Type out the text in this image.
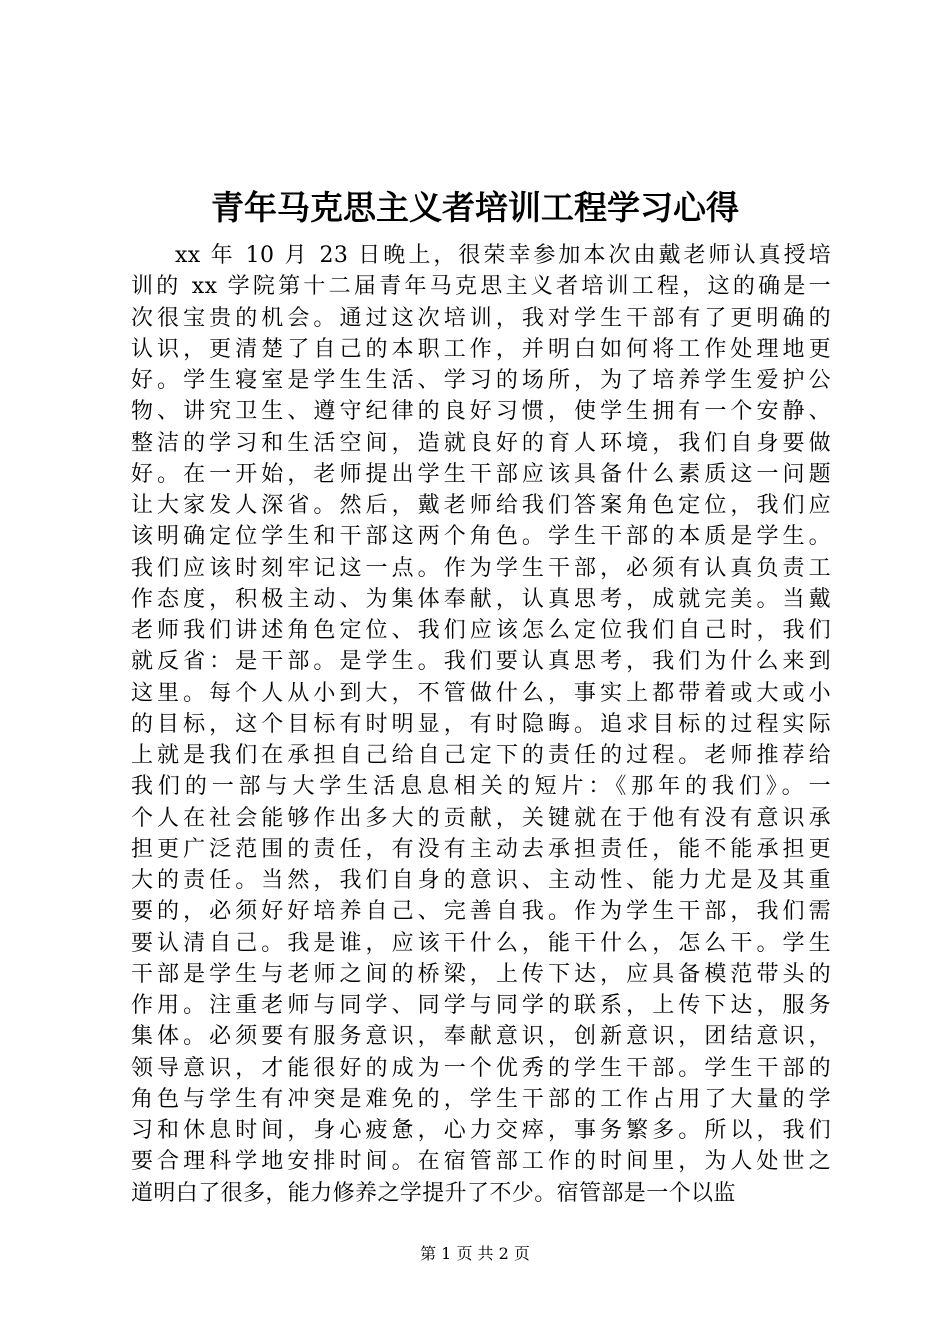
青年马克思主义者培训工程学习心得
xx 年 10 月 23 日晚上，很荣幸参加本次由戴老师认真授培
训的 xx 学院第十二届青年马克思主义者培训工程，这的确是一
次很宝贵的机会。通过这次培训，我对学生干部有了更明确的
认识，更清楚了自己的本职工作，并明白如何将工作处理地更
好。学生寝室是学生生活、学习的场所，为了培养学生爱护公
物、讲究卫生、遵守纪律的良好习惯，使学生拥有一个安静、
整洁的学习和生活空间，造就良好的育人环境，我们自身要做
好。在一开始，老师提出学生干部应该具备什么素质这一问题
让大家发人深省。然后，戴老师给我们答案角色定位，我们应
该明确定位学生和干部这两个角色。学生干部的本质是学生。
我们应该时刻牢记这一点。作为学生干部，必须有认真负责工
作态度，积极主动、为集体奉献，认真思考，成就完美。当戴
老师我们讲述角色定位、我们应该怎么定位我们自己时，我们
就反省：是干部。是学生。我们要认真思考，我们为什么来到
这里。每个人从小到大，不管做什么，事实上都带着或大或小
的目标，这个目标有时明显，有时隐晦。追求目标的过程实际
上就是我们在承担自己给自己定下的责任的过程。老师推荐给
我们的一部与大学生活息息相关的短片：《那年的我们》。一
个人在社会能够作出多大的贡献，关键就在于他有没有意识承
担更广泛范围的责任，有没有主动去承担责任，能不能承担更
大的责任。当然，我们自身的意识、主动性、能力尤是及其重
要的，必须好好培养自己、完善自我。作为学生干部，我们需
要认清自己。我是谁，应该干什么，能干什么，怎么干。学生
干部是学生与老师之间的桥梁，上传下达，应具备模范带头的
作用。注重老师与同学、同学与同学的联系，上传下达，服务
集体。必须要有服务意识，奉献意识，创新意识，团结意识，
领导意识，才能很好的成为一个优秀的学生干部。学生干部的
角色与学生有冲突是难免的，学生干部的工作占用了大量的学
习和休息时间，身心疲惫，心力交瘁，事务繁多。所以，我们
要合理科学地安排时间。在宿管部工作的时间里，为人处世之
道明白了很多，能力修养之学提升了不少。宿管部是一个以监
第 1 页 共 2 页
